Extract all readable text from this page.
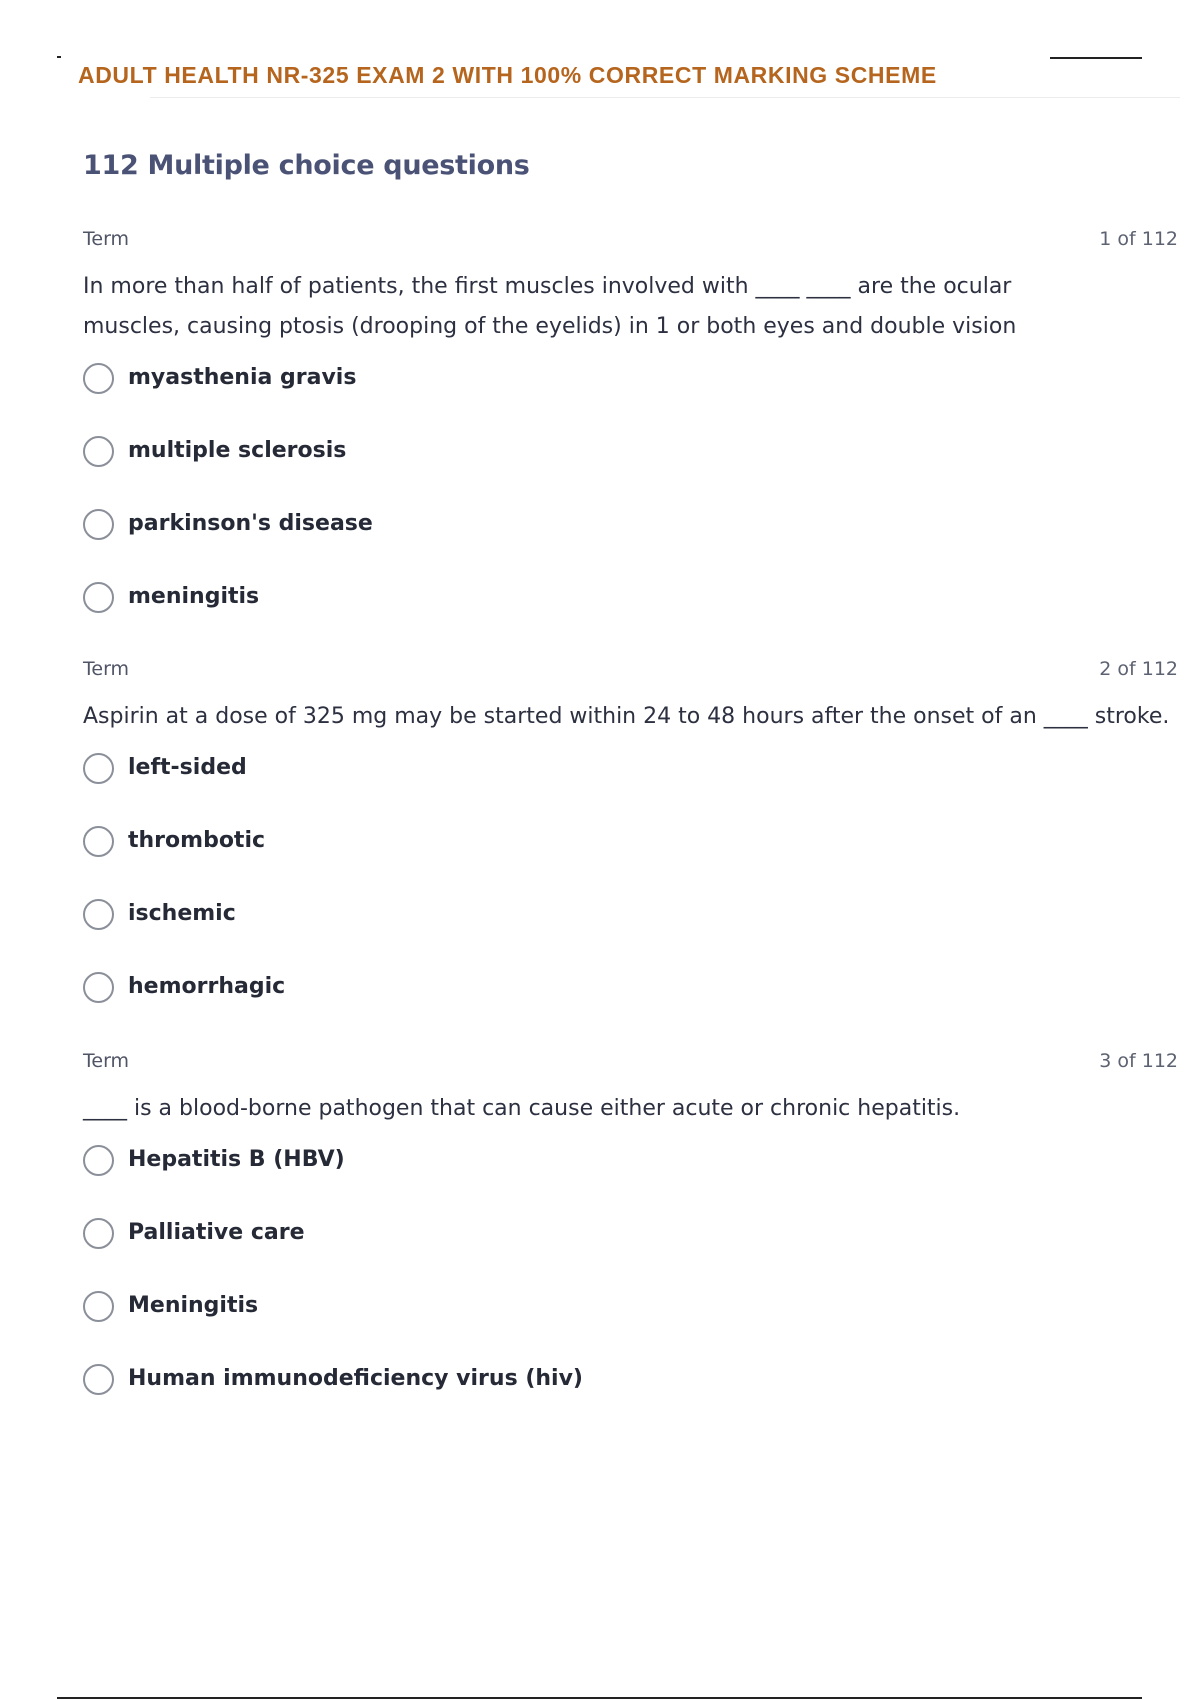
ADULT HEALTH NR-325 EXAM 2 WITH 100% CORRECT MARKING SCHEME
112 Multiple choice questions
Term	1 of 112
In more than half of patients, the first muscles involved with ____ ____ are the ocular muscles, causing ptosis (drooping of the eyelids) in 1 or both eyes and double vision
myasthenia gravis
multiple sclerosis
parkinson's disease
meningitis
Term	2 of 112
Aspirin at a dose of 325 mg may be started within 24 to 48 hours after the onset of an ____ stroke.
left-sided
thrombotic
ischemic
hemorrhagic
Term	3 of 112
____ is a blood-borne pathogen that can cause either acute or chronic hepatitis.
Hepatitis B (HBV)
Palliative care
Meningitis
Human immunodeficiency virus (hiv)
